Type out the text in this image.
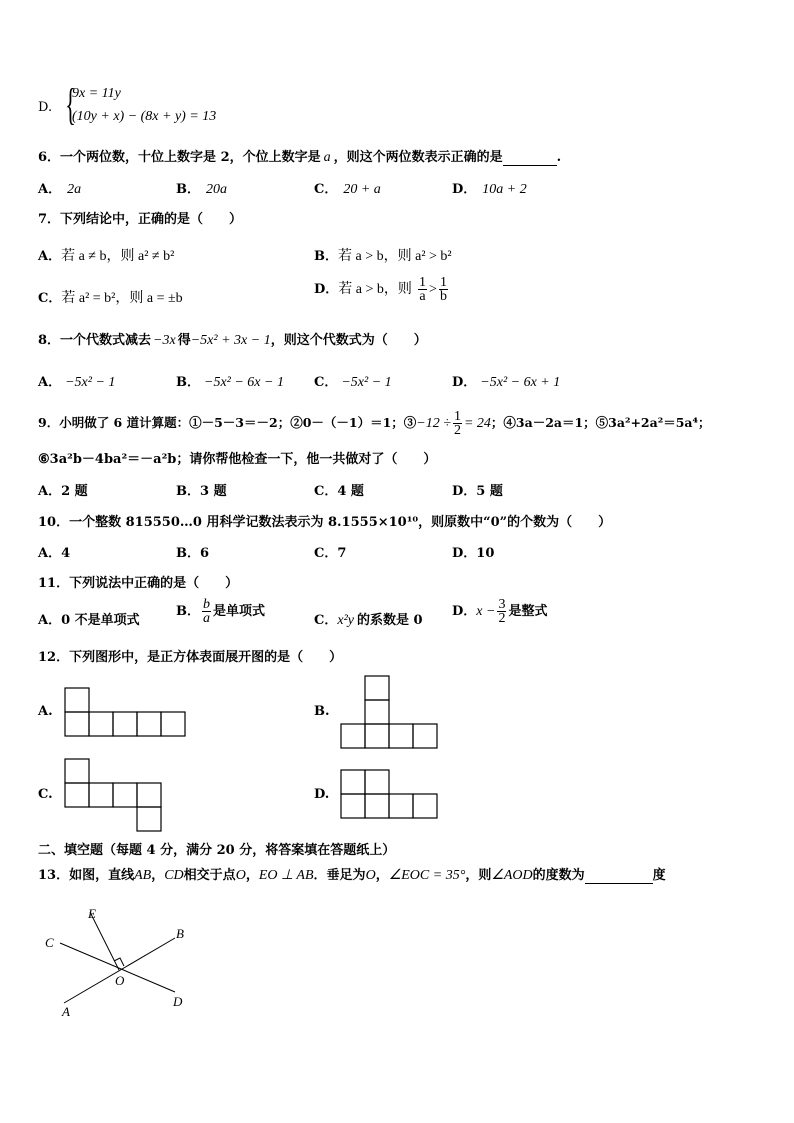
D. {
9x = 11y
(10y + x) − (8x + y) = 13
6．一个两位数，十位上数字是 2，个位上数字是 a ，则这个两位数表示正确的是	.
A． 2a	B． 20a	C． 20 + a	D． 10a + 2
7．下列结论中，正确的是（　　）
A．若 a ≠ b，则 a² ≠ b²	B．若 a > b，则 a² > b²
C．若 a² = b²，则 a = ±b
D．若 a > b，则 $\frac{1}{a} > \frac{1}{b}$
8．一个代数式减去 −3x 得−5x² + 3x − 1，则这个代数式为（　　）
A． −5x² − 1	B． −5x² − 6x − 1 C． −5x² − 1	D． −5x² − 6x + 1
9．小明做了 6 道计算题：①－5－3＝－2；②0－（－1）＝1；③−12 ÷ $\frac{1}{2} = 24$；④3a－2a＝1；⑤3a²+2a²＝5a⁴；
⑥3a²b－4ba²＝－a²b；请你帮他检查一下，他一共做对了（　　）
A．2 题	B．3 题	C．4 题	D．5 题
10．一个整数 815550…0 用科学记数法表示为 8.1555×10¹⁰，则原数中“0”的个数为（　　）
A．4	B．6	C．7	D．10
11．下列说法中正确的是（　　）
A．0 不是单项式
B． $\frac{b}{a}$ 是单项式
C．x²y 的系数是 0
D．$x - \frac{3}{2}$ 是整式
12．下列图形中，是正方体表面展开图的是（　　）
A.	B.
C.	D.
二、填空题（每题 4 分，满分 20 分，将答案填在答题纸上）
13．如图，直线AB，CD相交于点O，EO ⊥ AB．垂足为O，∠EOC = 35°，则∠AOD的度数为	度
E
C
B
O
A
D
